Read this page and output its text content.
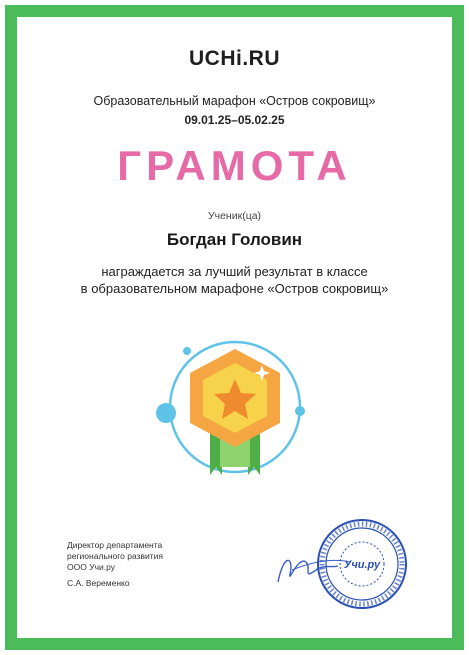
UCHi.RU
Образовательный марафон «Остров сокровищ»
09.01.25–05.02.25
ГРАМОТА
Ученик(ца)
Богдан Головин
награждается за лучший результат в классе
в образовательном марафоне «Остров сокровищ»
Директор департамента
регионального развития
ООО Учи.ру
С.А. Веременко
Учи.ру
